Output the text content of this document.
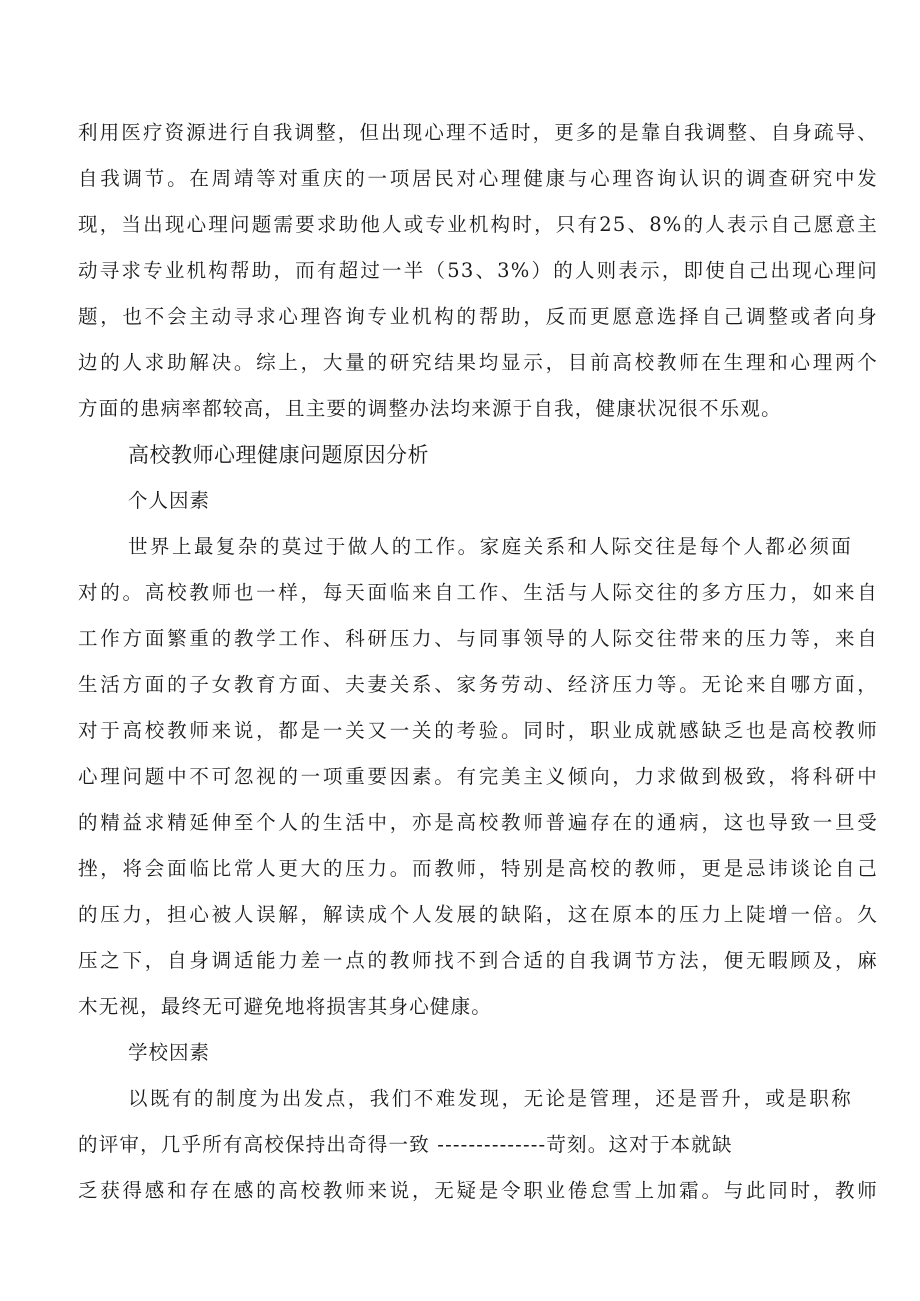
利用医疗资源进行自我调整，但出现心理不适时，更多的是靠自我调整、自身疏导、
自我调节。在周靖等对重庆的一项居民对心理健康与心理咨询认识的调查研究中发
现，当出现心理问题需要求助他人或专业机构时，只有25、8%的人表示自己愿意主
动寻求专业机构帮助，而有超过一半（53、3%）的人则表示，即使自己出现心理问
题，也不会主动寻求心理咨询专业机构的帮助，反而更愿意选择自己调整或者向身
边的人求助解决。综上，大量的研究结果均显示，目前高校教师在生理和心理两个
方面的患病率都较高，且主要的调整办法均来源于自我，健康状况很不乐观。
高校教师心理健康问题原因分析
个人因素
世界上最复杂的莫过于做人的工作。家庭关系和人际交往是每个人都必须面
对的。高校教师也一样，每天面临来自工作、生活与人际交往的多方压力，如来自
工作方面繁重的教学工作、科研压力、与同事领导的人际交往带来的压力等，来自
生活方面的子女教育方面、夫妻关系、家务劳动、经济压力等。无论来自哪方面，
对于高校教师来说，都是一关又一关的考验。同时，职业成就感缺乏也是高校教师
心理问题中不可忽视的一项重要因素。有完美主义倾向，力求做到极致，将科研中
的精益求精延伸至个人的生活中，亦是高校教师普遍存在的通病，这也导致一旦受
挫，将会面临比常人更大的压力。而教师，特别是高校的教师，更是忌讳谈论自己
的压力，担心被人误解，解读成个人发展的缺陷，这在原本的压力上陡增一倍。久
压之下，自身调适能力差一点的教师找不到合适的自我调节方法，便无暇顾及，麻
木无视，最终无可避免地将损害其身心健康。
学校因素
以既有的制度为出发点，我们不难发现，无论是管理，还是晋升，或是职称
的评审，几乎所有高校保持出奇得一致 --------------苛刻。这对于本就缺
乏获得感和存在感的高校教师来说，无疑是令职业倦怠雪上加霜。与此同时，教师
